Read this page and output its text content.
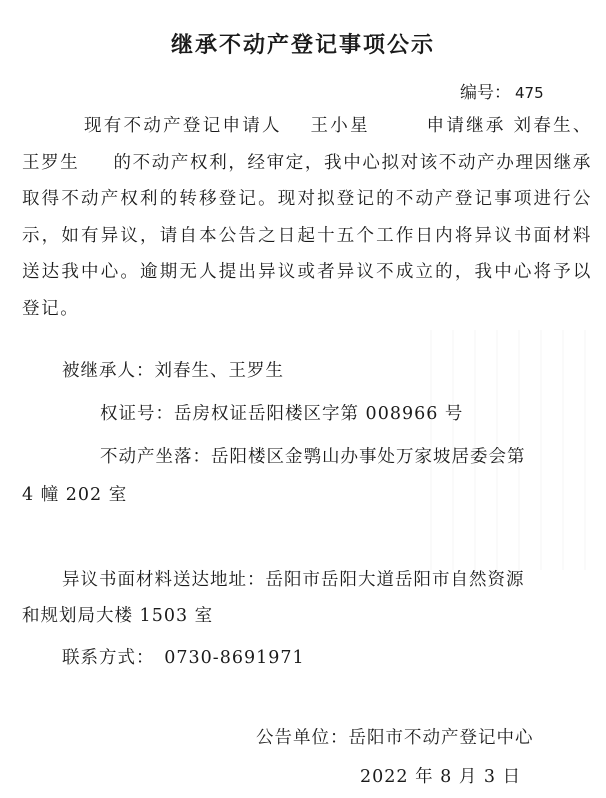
继承不动产登记事项公示
编号： 475
现有不动产登记申请人 王小星	申请继承 刘春生、王罗生 的不动产权利，经审定，我中心拟对该不动产办理因继承取得不动产权利的转移登记。现对拟登记的不动产登记事项进行公示，如有异议，请自本公告之日起十五个工作日内将异议书面材料送达我中心。逾期无人提出异议或者异议不成立的，我中心将予以登记。
被继承人：刘春生、王罗生
权证号：岳房权证岳阳楼区字第 008966 号
不动产坐落：岳阳楼区金鹗山办事处万家坡居委会第
4 幢 202 室
异议书面材料送达地址：岳阳市岳阳大道岳阳市自然资源
和规划局大楼 1503 室
联系方式：　0730-8691971
公告单位：岳阳市不动产登记中心
2022 年 8 月 3 日
